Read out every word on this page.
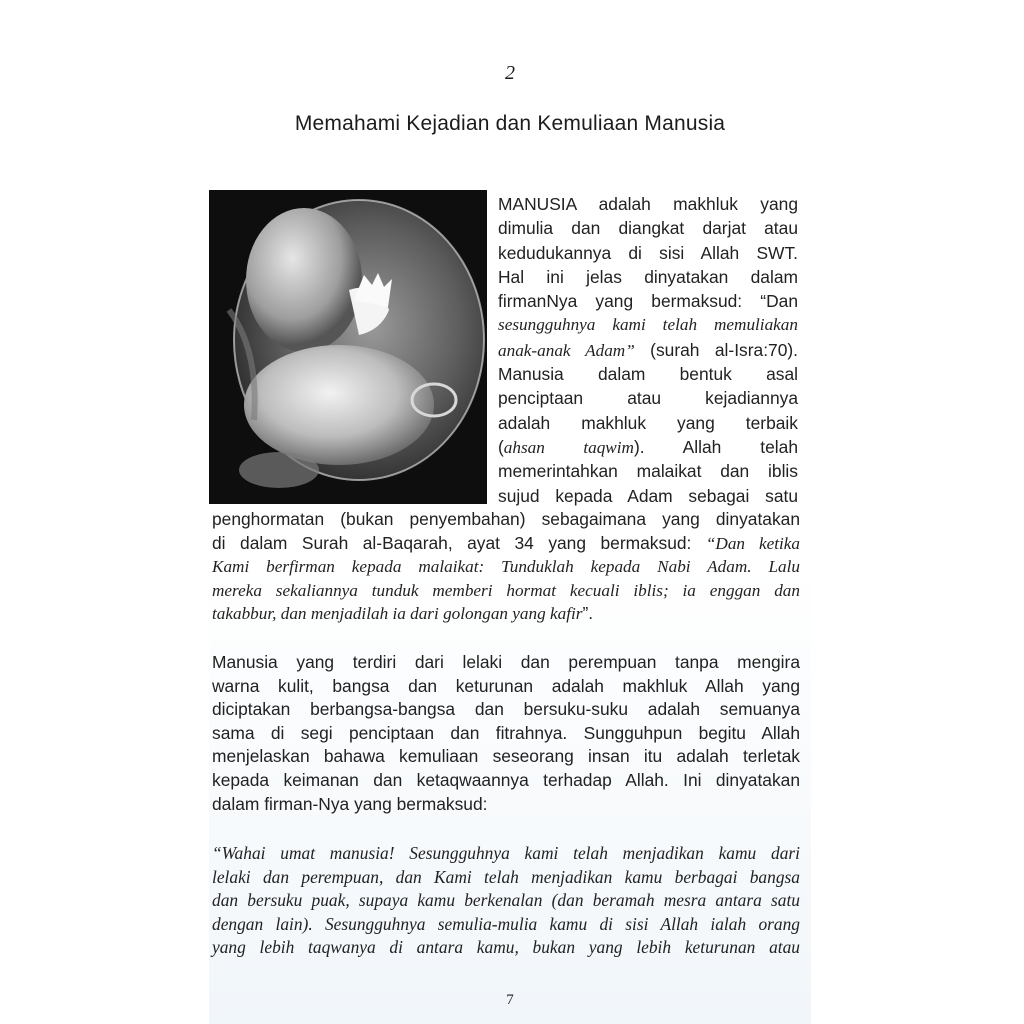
2
Memahami Kejadian dan Kemuliaan Manusia
MANUSIA adalah makhluk yang
dimulia dan diangkat darjat atau
kedudukannya di sisi Allah SWT.
Hal ini jelas dinyatakan dalam
firmanNya yang bermaksud: “Dan
sesungguhnya kami telah memuliakan
anak-anak Adam” (surah al-Isra:70).
Manusia dalam bentuk asal
penciptaan atau kejadiannya
adalah makhluk yang terbaik
(ahsan taqwim). Allah telah
memerintahkan malaikat dan iblis
sujud kepada Adam sebagai satu
penghormatan (bukan penyembahan) sebagaimana yang dinyatakan
di dalam Surah al-Baqarah, ayat 34 yang bermaksud: “Dan ketika
Kami berfirman kepada malaikat: Tunduklah kepada Nabi Adam. Lalu
mereka sekaliannya tunduk memberi hormat kecuali iblis; ia enggan dan
takabbur, dan menjadilah ia dari golongan yang kafir”.
Manusia yang terdiri dari lelaki dan perempuan tanpa mengira
warna kulit, bangsa dan keturunan adalah makhluk Allah yang
diciptakan berbangsa-bangsa dan bersuku-suku adalah semuanya
sama di segi penciptaan dan fitrahnya. Sungguhpun begitu Allah
menjelaskan bahawa kemuliaan seseorang insan itu adalah terletak
kepada keimanan dan ketaqwaannya terhadap Allah. Ini dinyatakan
dalam firman-Nya yang bermaksud:
“Wahai umat manusia! Sesungguhnya kami telah menjadikan kamu dari
lelaki dan perempuan, dan Kami telah menjadikan kamu berbagai bangsa
dan bersuku puak, supaya kamu berkenalan (dan beramah mesra antara satu
dengan lain). Sesungguhnya semulia-mulia kamu di sisi Allah ialah orang
yang lebih taqwanya di antara kamu, bukan yang lebih keturunan atau
7
